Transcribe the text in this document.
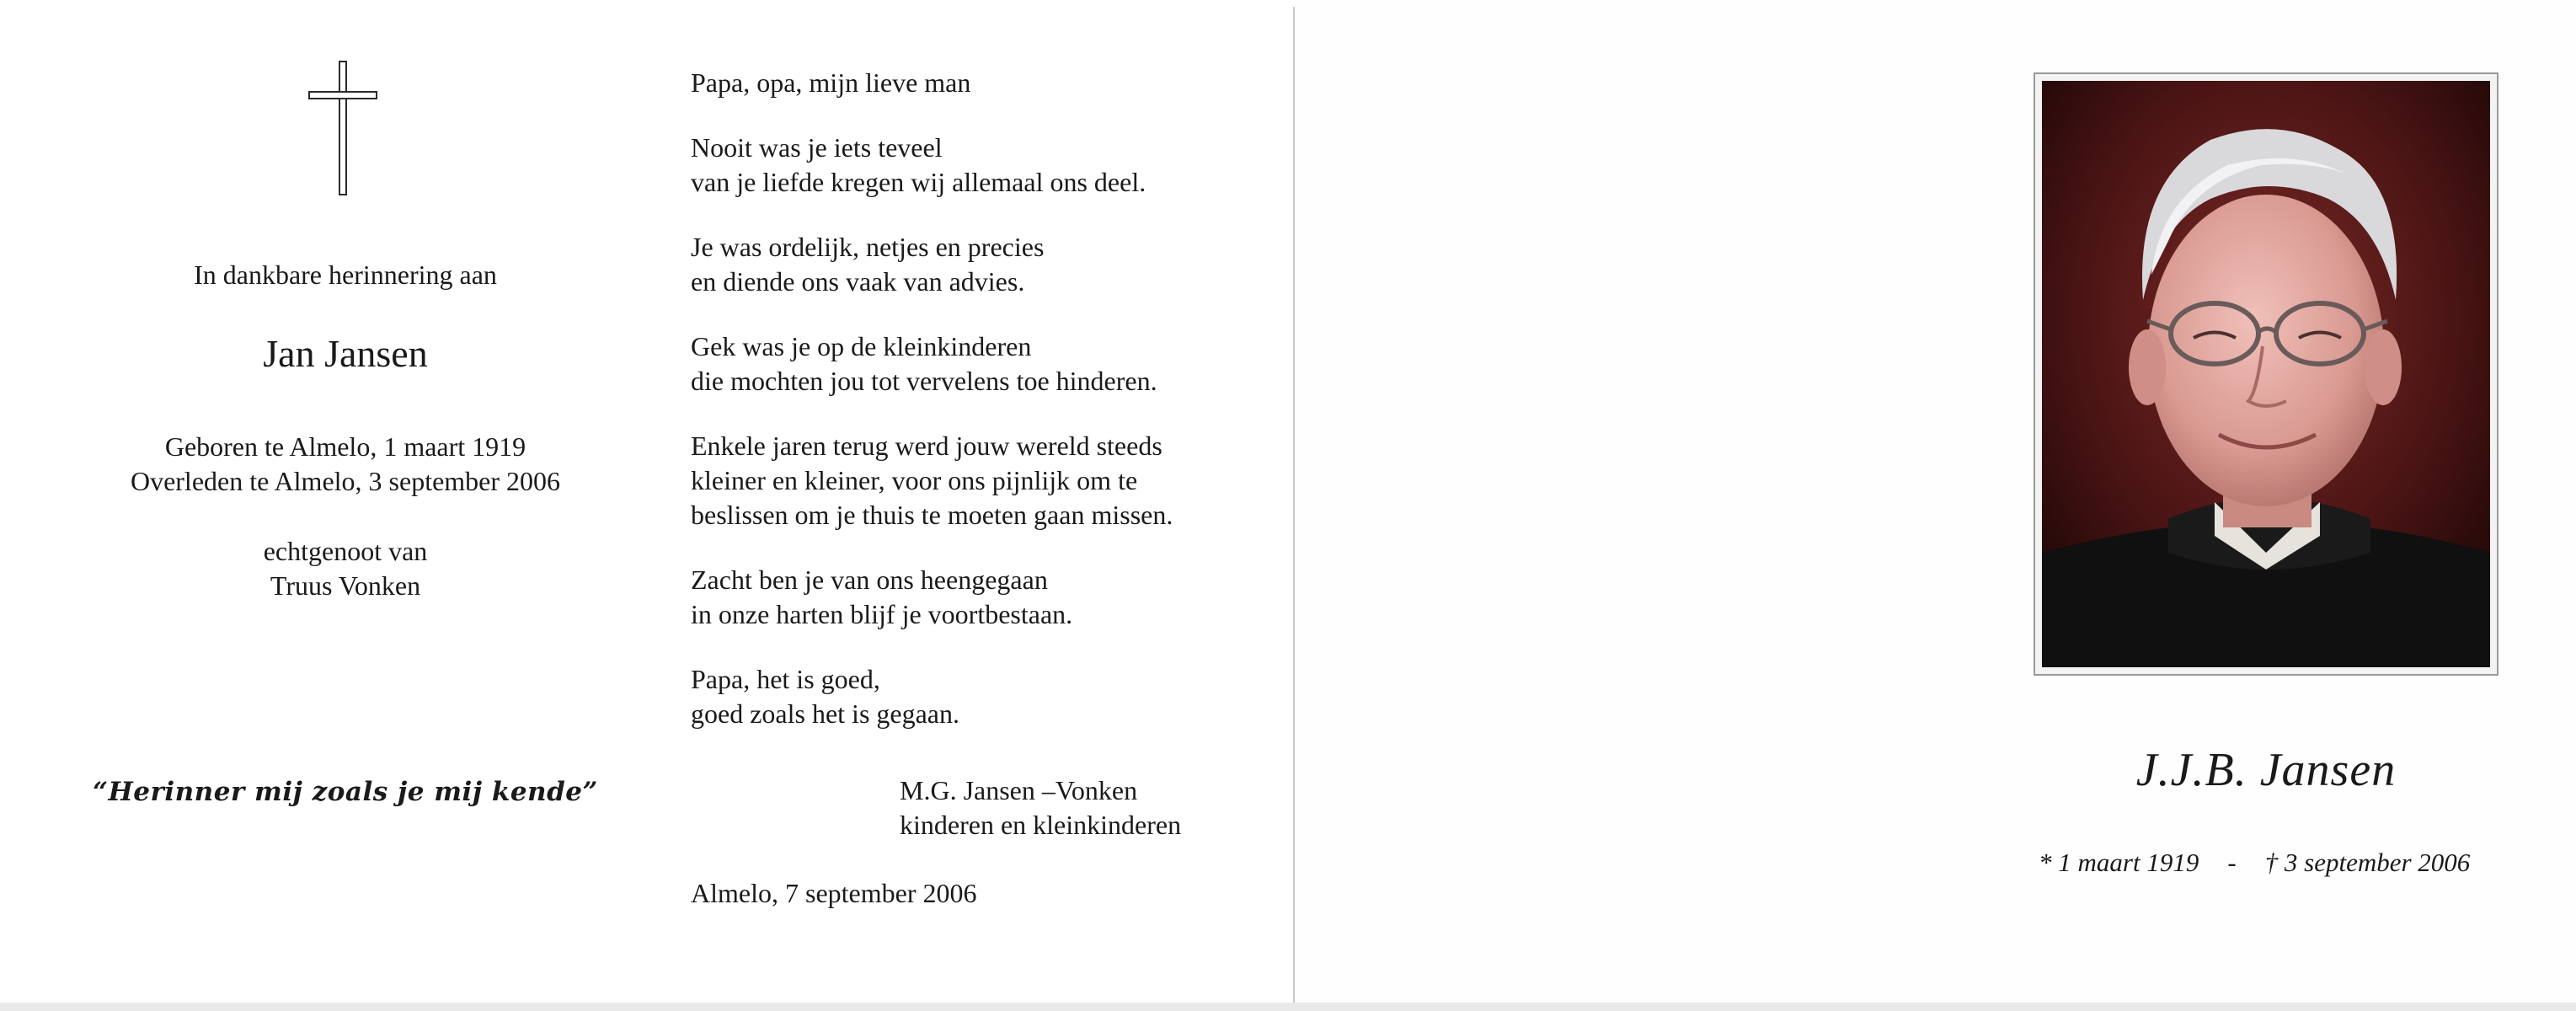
In dankbare herinnering aan

Jan Jansen

Geboren te Almelo, 1 maart 1919

Overleden te Almelo, 3 september 2006

echtgenoot van

Truus Vonken

“Herinner mij zoals je mij kende”

Papa, opa, mijn lieve man

Nooit was je iets teveel

van je liefde kregen wij allemaal ons deel.

Je was ordelijk, netjes en precies

en diende ons vaak van advies.

Gek was je op de kleinkinderen

die mochten jou tot vervelens toe hinderen.

Enkele jaren terug werd jouw wereld steeds

kleiner en kleiner, voor ons pijnlijk om te

beslissen om je thuis te moeten gaan missen.

Zacht ben je van ons heengegaan

in onze harten blijf je voortbestaan.

Papa, het is goed,

goed zoals het is gegaan.

M.G. Jansen –Vonken

kinderen en kleinkinderen

Almelo, 7 september 2006
J.J.B. Jansen
* 1 maart 1919 - † 3 september 2006
